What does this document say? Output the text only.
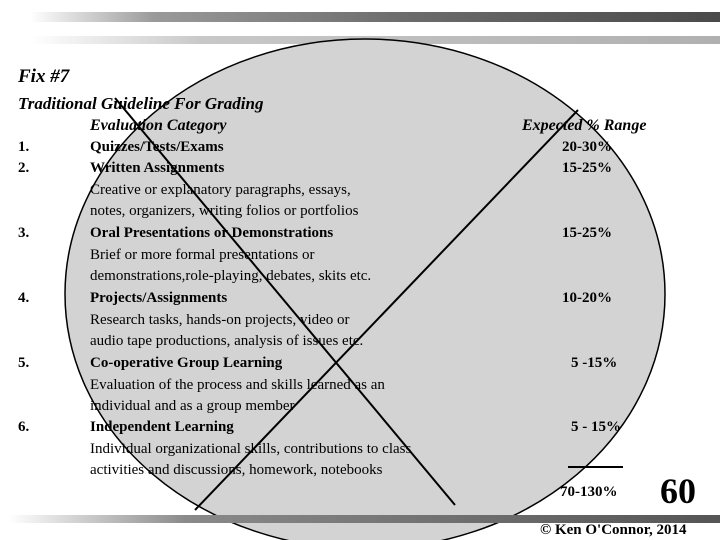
Fix #7
Traditional Guideline For Grading
Evaluation Category	Expected % Range
1.	Quizzes/Tests/Exams	20-30%
2.	Written Assignments	15-25%
Creative or explanatory paragraphs, essays,
notes, organizers, writing folios or portfolios
3.	Oral Presentations or Demonstrations	15-25%
Brief or more formal presentations or
demonstrations,role-playing, debates, skits etc.
4.	Projects/Assignments	10-20%
Research tasks, hands-on projects, video or
audio tape productions, analysis of issues etc.
5.	Co-operative Group Learning	5 -15%
Evaluation of the process and skills learned as an
individual and as a group member
6.	Independent Learning	5 - 15%
Individual organizational skills, contributions to class
activities and discussions, homework, notebooks
70-130% 60
© Ken O'Connor, 2014
